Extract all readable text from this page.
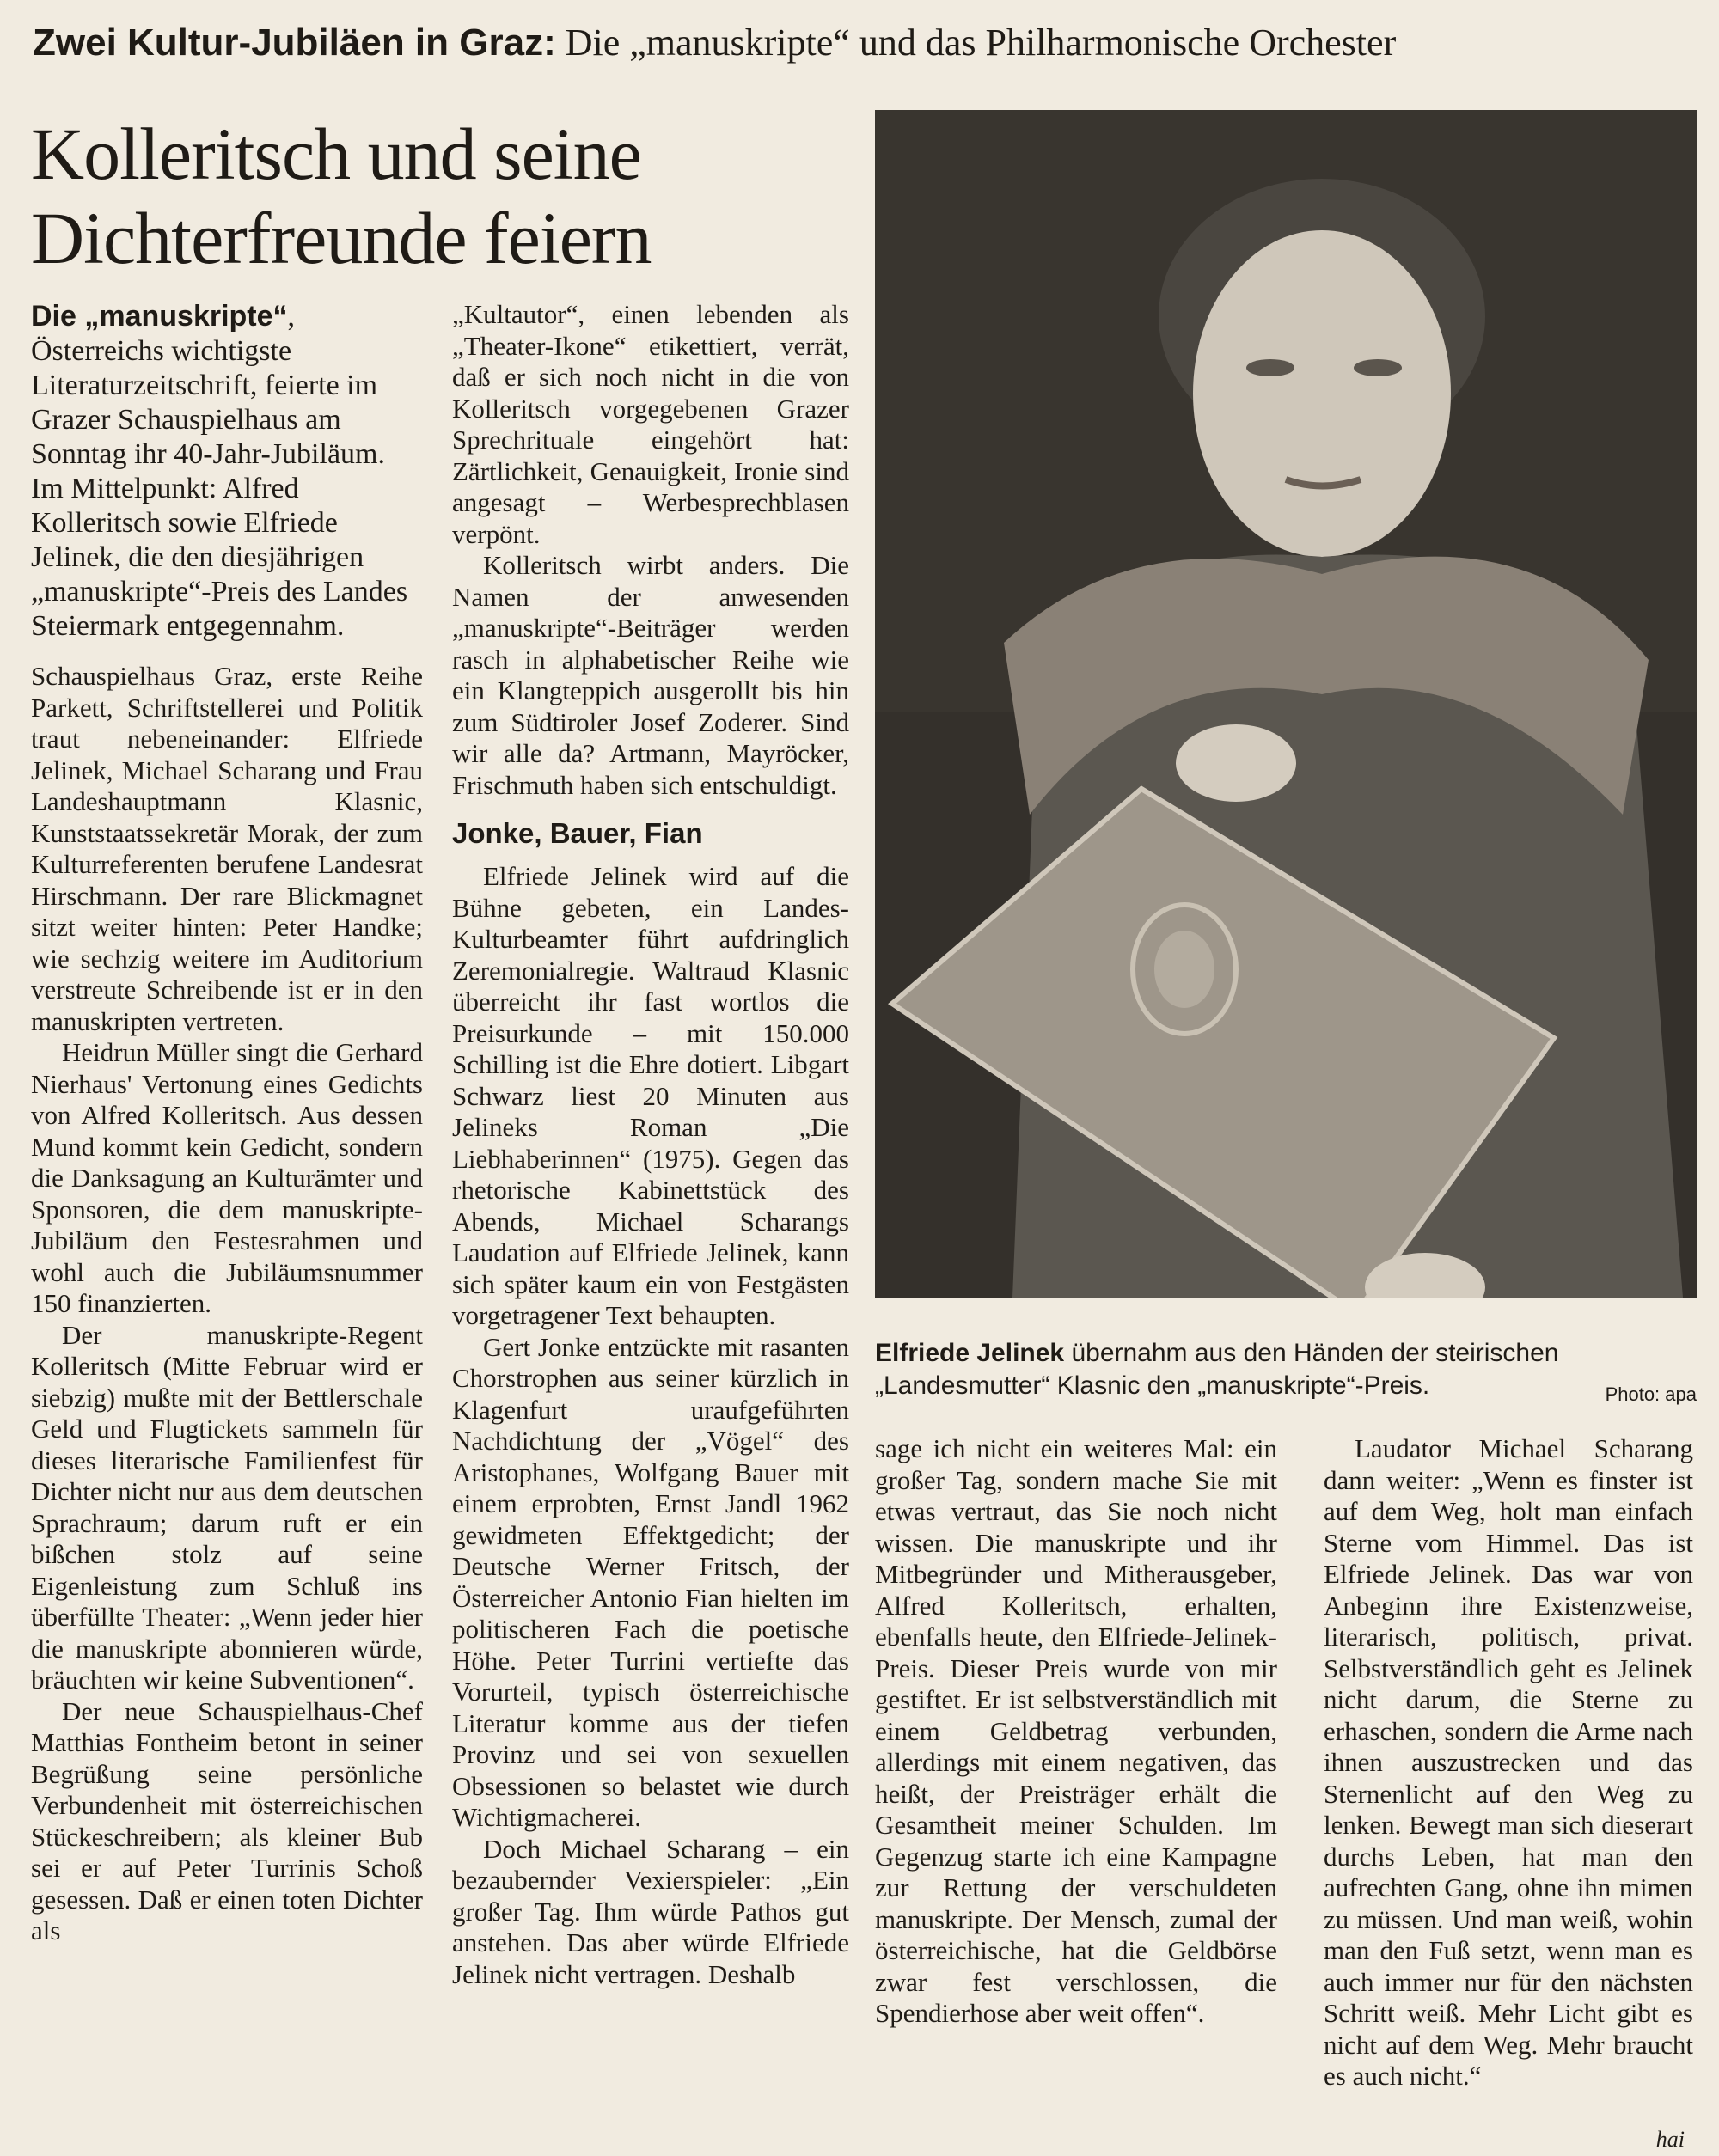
Zwei Kultur-Jubiläen in Graz: Die „manuskripte“ und das Philharmonische Orchester
Kolleritsch und seine
Dichterfreunde feiern

Die „manuskripte“, Österreichs wichtigste Literaturzeitschrift, feierte im Grazer Schauspielhaus am Sonntag ihr 40-Jahr-Jubiläum. Im Mittelpunkt: Alfred Kolleritsch sowie Elfriede Jelinek, die den diesjährigen „manuskripte“-Preis des Landes Steiermark entgegennahm.

Schauspielhaus Graz, erste Reihe Parkett, Schriftstellerei und Politik traut nebeneinander: Elfriede Jelinek, Michael Scharang und Frau Landeshauptmann Klasnic, Kunststaatssekretär Morak, der zum Kulturreferenten berufene Landesrat Hirschmann. Der rare Blickmagnet sitzt weiter hinten: Peter Handke; wie sechzig weitere im Auditorium verstreute Schreibende ist er in den manuskripten vertreten.

Heidrun Müller singt die Gerhard Nierhaus' Vertonung eines Gedichts von Alfred Kolleritsch. Aus dessen Mund kommt kein Gedicht, sondern die Danksagung an Kulturämter und Sponsoren, die dem manuskripte-Jubiläum den Festesrahmen und wohl auch die Jubiläumsnummer 150 finanzierten.

Der manuskripte-Regent Kolleritsch (Mitte Februar wird er siebzig) mußte mit der Bettlerschale Geld und Flugtickets sammeln für dieses literarische Familienfest für Dichter nicht nur aus dem deutschen Sprachraum; darum ruft er ein bißchen stolz auf seine Eigenleistung zum Schluß ins überfüllte Theater: „Wenn jeder hier die manuskripte abonnieren würde, bräuchten wir keine Subventionen“.

Der neue Schauspielhaus-Chef Matthias Fontheim betont in seiner Begrüßung seine persönliche Verbundenheit mit österreichischen Stückeschreibern; als kleiner Bub sei er auf Peter Turrinis Schoß gesessen. Daß er einen toten Dichter als

„Kultautor“, einen lebenden als „Theater-Ikone“ etikettiert, verrät, daß er sich noch nicht in die von Kolleritsch vorgegebenen Grazer Sprechrituale eingehört hat: Zärtlichkeit, Genauigkeit, Ironie sind angesagt – Werbesprechblasen verpönt.

Kolleritsch wirbt anders. Die Namen der anwesenden „manuskripte“-Beiträger werden rasch in alphabetischer Reihe wie ein Klangteppich ausgerollt bis hin zum Südtiroler Josef Zoderer. Sind wir alle da? Artmann, Mayröcker, Frischmuth haben sich entschuldigt.

Jonke, Bauer, Fian

Elfriede Jelinek wird auf die Bühne gebeten, ein Landes-Kulturbeamter führt aufdringlich Zeremonialregie. Waltraud Klasnic überreicht ihr fast wortlos die Preisurkunde – mit 150.000 Schilling ist die Ehre dotiert. Libgart Schwarz liest 20 Minuten aus Jelineks Roman „Die Liebhaberinnen“ (1975). Gegen das rhetorische Kabinettstück des Abends, Michael Scharangs Laudation auf Elfriede Jelinek, kann sich später kaum ein von Festgästen vorgetragener Text behaupten.

Gert Jonke entzückte mit rasanten Chorstrophen aus seiner kürzlich in Klagenfurt uraufgeführten Nachdichtung der „Vögel“ des Aristophanes, Wolfgang Bauer mit einem erprobten, Ernst Jandl 1962 gewidmeten Effektgedicht; der Deutsche Werner Fritsch, der Österreicher Antonio Fian hielten im politischeren Fach die poetische Höhe. Peter Turrini vertiefte das Vorurteil, typisch österreichische Literatur komme aus der tiefen Provinz und sei von sexuellen Obsessionen so belastet wie durch Wichtigmacherei.

Doch Michael Scharang – ein bezaubernder Vexierspieler: „Ein großer Tag. Ihm würde Pathos gut anstehen. Das aber würde Elfriede Jelinek nicht vertragen. Deshalb

Elfriede Jelinek übernahm aus den Händen der steirischen „Landesmutter“ Klasnic den „manuskripte“-Preis.	Photo: apa

sage ich nicht ein weiteres Mal: ein großer Tag, sondern mache Sie mit etwas vertraut, das Sie noch nicht wissen. Die manuskripte und ihr Mitbegründer und Mitherausgeber, Alfred Kolleritsch, erhalten, ebenfalls heute, den Elfriede-Jelinek-Preis. Dieser Preis wurde von mir gestiftet. Er ist selbstverständlich mit einem Geldbetrag verbunden, allerdings mit einem negativen, das heißt, der Preisträger erhält die Gesamtheit meiner Schulden. Im Gegenzug starte ich eine Kampagne zur Rettung der verschuldeten manuskripte. Der Mensch, zumal der österreichische, hat die Geldbörse zwar fest verschlossen, die Spendierhose aber weit offen“.

Laudator Michael Scharang dann weiter: „Wenn es finster ist auf dem Weg, holt man einfach Sterne vom Himmel. Das ist Elfriede Jelinek. Das war von Anbeginn ihre Existenzweise, literarisch, politisch, privat. Selbstverständlich geht es Jelinek nicht darum, die Sterne zu erhaschen, sondern die Arme nach ihnen auszustrecken und das Sternenlicht auf den Weg zu lenken. Bewegt man sich dieserart durchs Leben, hat man den aufrechten Gang, ohne ihn mimen zu müssen. Und man weiß, wohin man den Fuß setzt, wenn man es auch immer nur für den nächsten Schritt weiß. Mehr Licht gibt es nicht auf dem Weg. Mehr braucht es auch nicht.“

hai
